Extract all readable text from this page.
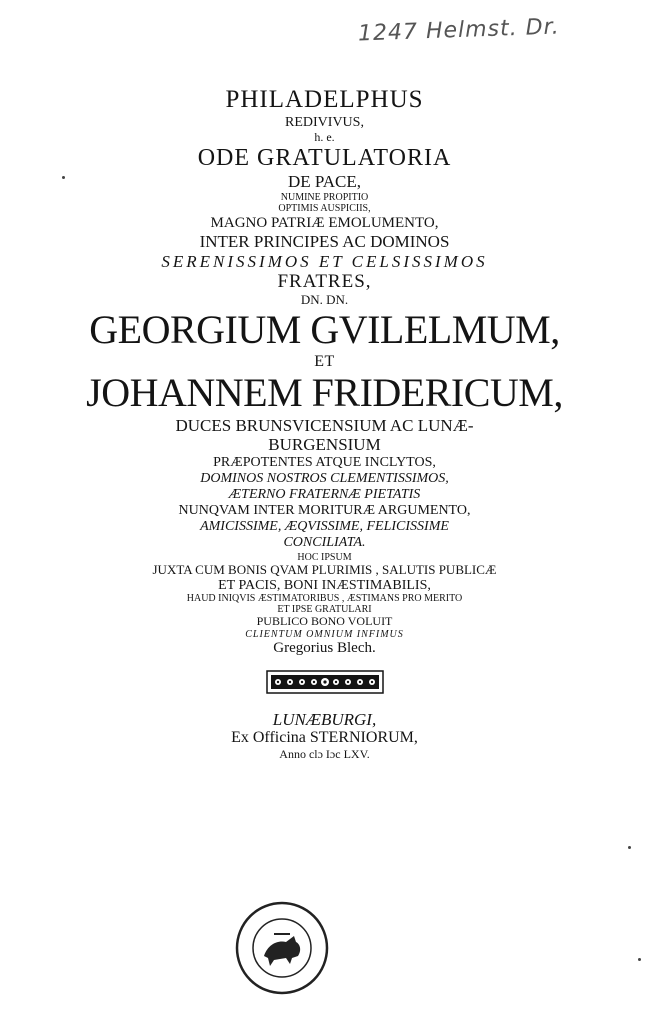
1247 Helmst. Dr.
PHILADELPHUS
REDIVIVUS,
h. e.
ODE GRATULATORIA
DE PACE,
NUMINE PROPITIO
OPTIMIS AUSPICIIS,
MAGNO PATRIÆ EMOLUMENTO,
INTER PRINCIPES AC DOMINOS
SERENISSIMOS ET CELSISSIMOS
FRATRES,
DN. DN.
GEORGIUM GVILELMUM,
ET
JOHANNEM FRIDERICUM,
DUCES BRUNSVICENSIUM AC LUNÆ-
BURGENSIUM
PRÆPOTENTES ATQUE INCLYTOS,
DOMINOS NOSTROS CLEMENTISSIMOS,
ÆTERNO FRATERNÆ PIETATIS
NUNQVAM INTER MORITURÆ ARGUMENTO,
AMICISSIME, ÆQVISSIME, FELICISSIME
CONCILIATA.
HOC IPSUM
JUXTA CUM BONIS QVAM PLURIMIS , SALUTIS PUBLICÆ
ET PACIS, BONI INÆSTIMABILIS,
HAUD INIQVIS ÆSTIMATORIBUS , ÆSTIMANS PRO MERITO
ET IPSE GRATULARI
PUBLICO BONO VOLUIT
CLIENTUM OMNIUM INFIMUS
Gregorius Blech.
LUNÆBURGI,
Ex Officina STERNIORUM,
Anno clɔ Iɔc LXV.
